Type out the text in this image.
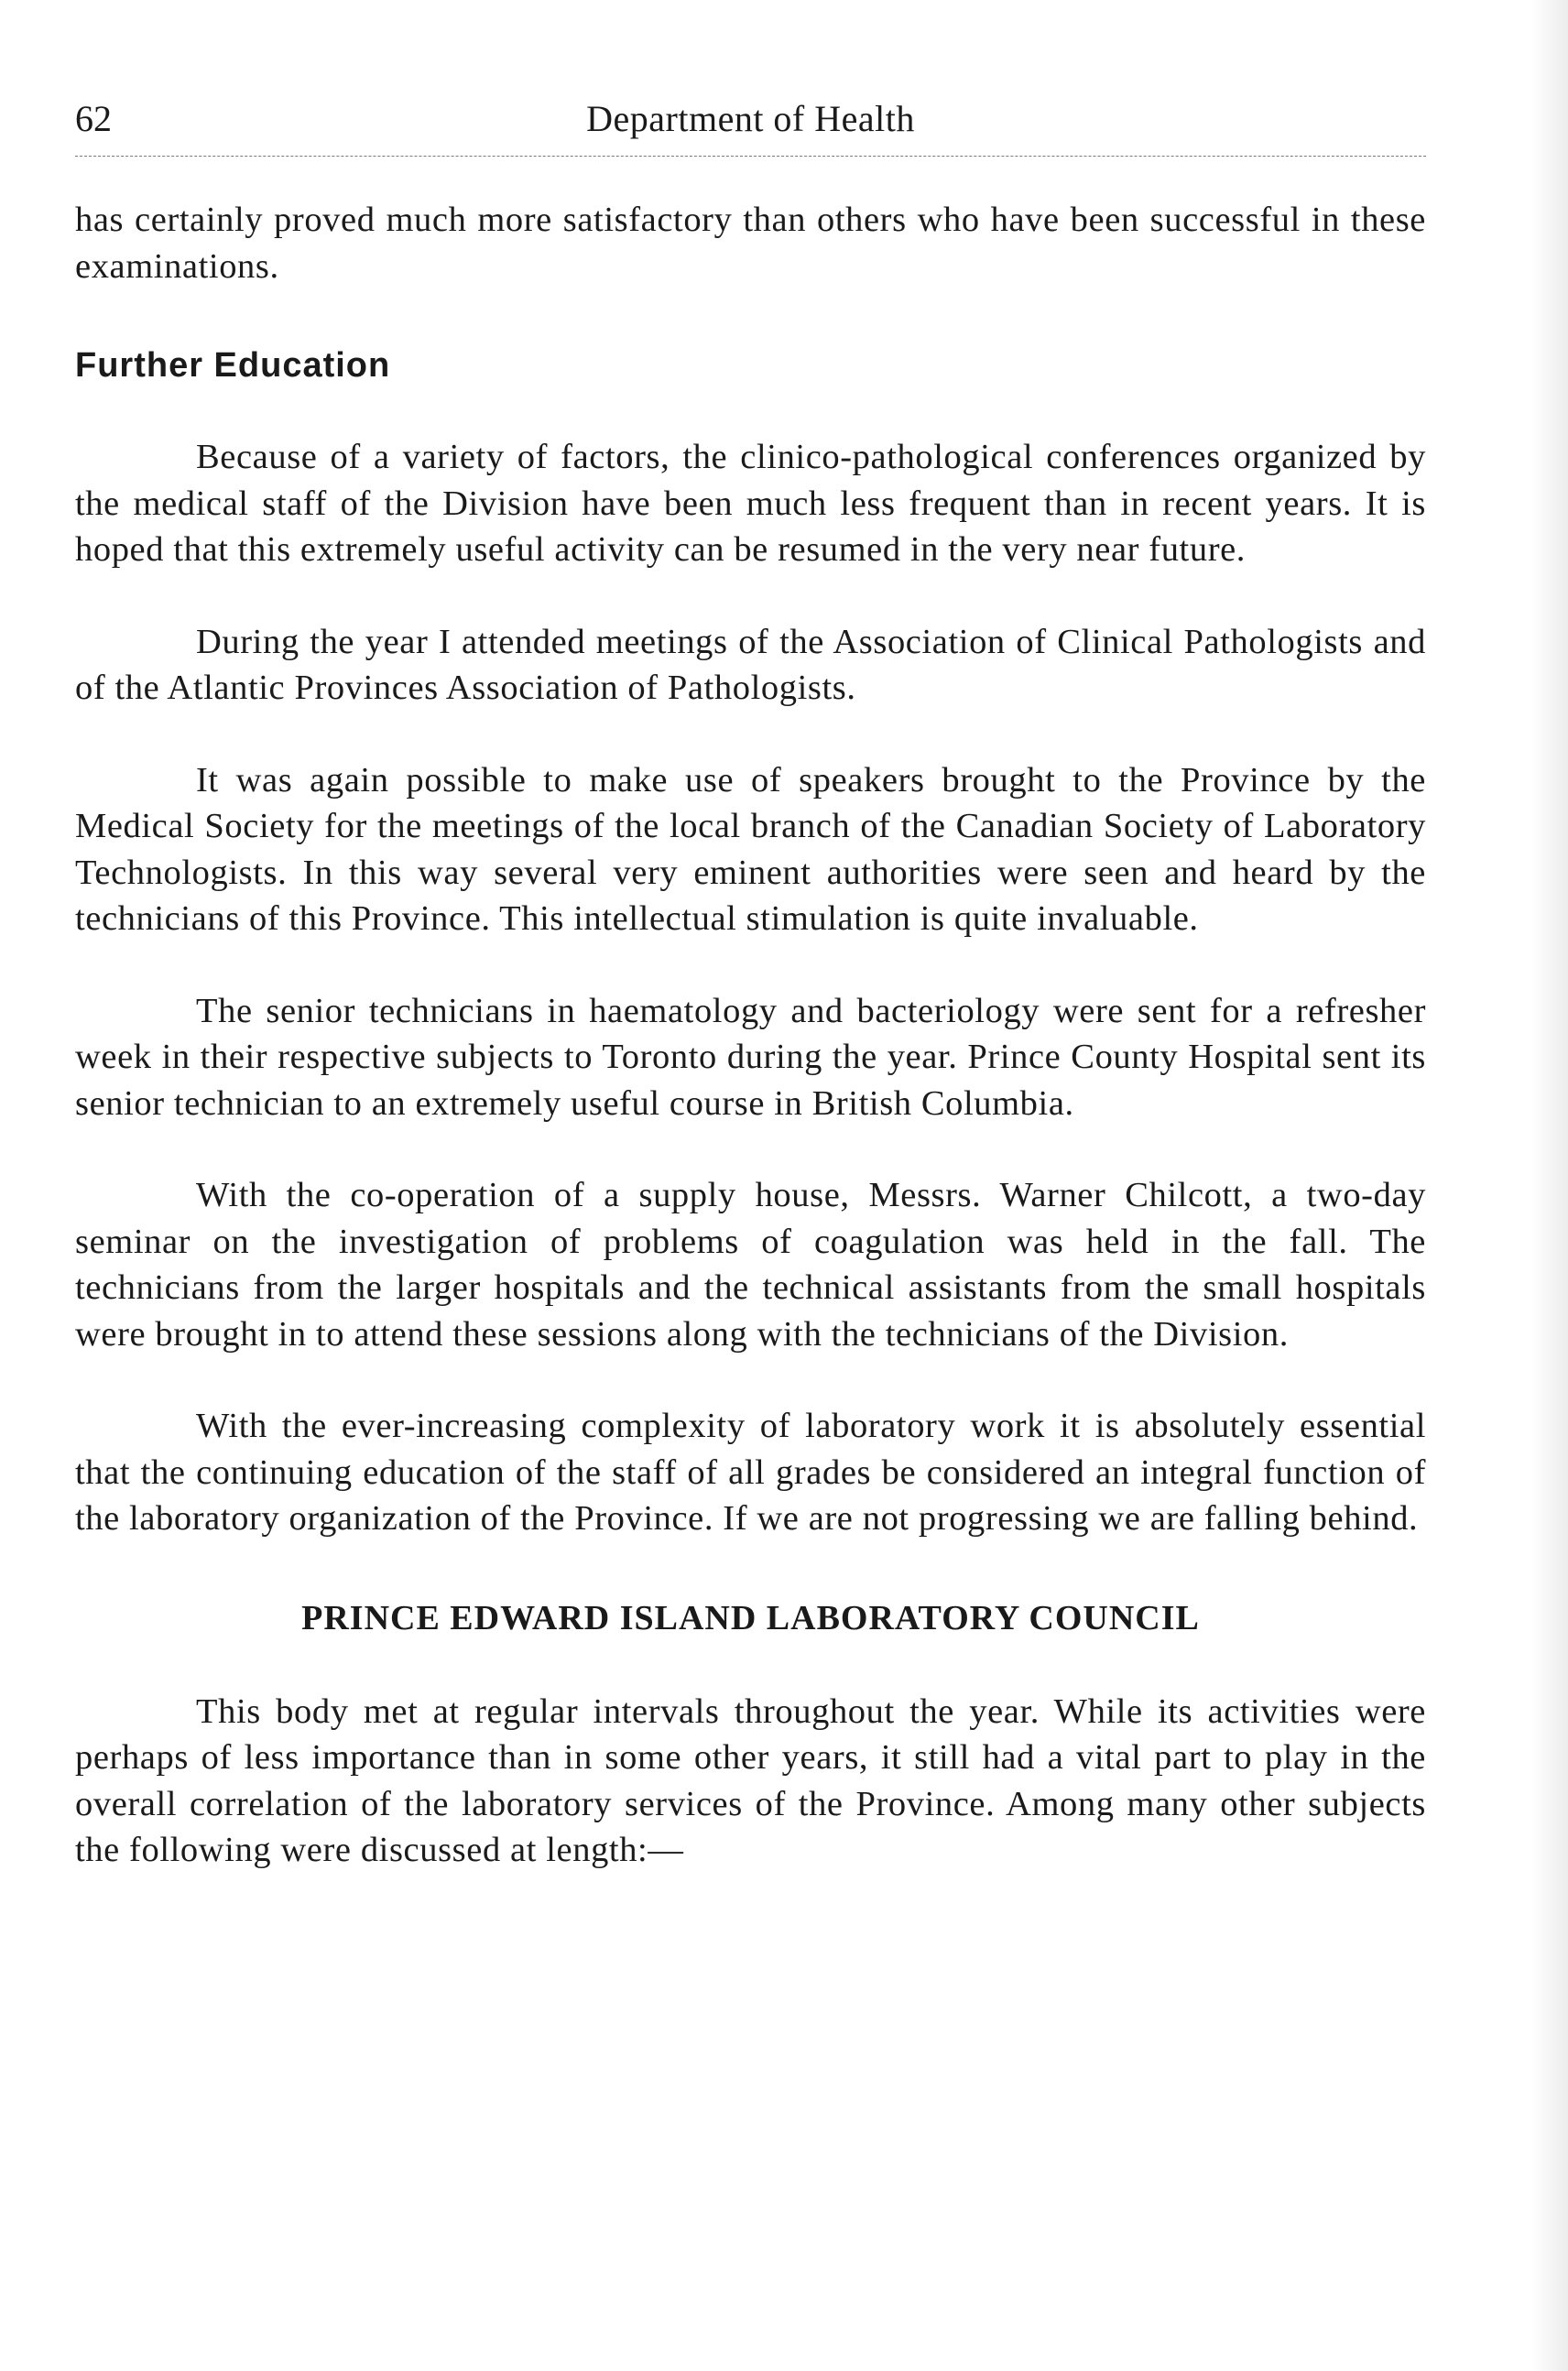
62	Department of Health

has certainly proved much more satisfactory than others who have been successful in these examinations.

Further Education

Because of a variety of factors, the clinico-pathological conferences organized by the medical staff of the Division have been much less frequent than in recent years. It is hoped that this extremely useful activity can be resumed in the very near future.

During the year I attended meetings of the Association of Clinical Pathologists and of the Atlantic Provinces Association of Pathologists.

It was again possible to make use of speakers brought to the Province by the Medical Society for the meetings of the local branch of the Canadian Society of Laboratory Technologists. In this way several very eminent authorities were seen and heard by the technicians of this Province. This intellectual stimulation is quite invaluable.

The senior technicians in haematology and bacteriology were sent for a refresher week in their respective subjects to Toronto during the year. Prince County Hospital sent its senior technician to an extremely useful course in British Columbia.

With the co-operation of a supply house, Messrs. Warner Chilcott, a two-day seminar on the investigation of problems of coagulation was held in the fall. The technicians from the larger hospitals and the technical assistants from the small hospitals were brought in to attend these sessions along with the technicians of the Division.

With the ever-increasing complexity of laboratory work it is absolutely essential that the continuing education of the staff of all grades be considered an integral function of the laboratory organization of the Province. If we are not progressing we are falling behind.

PRINCE EDWARD ISLAND LABORATORY COUNCIL

This body met at regular intervals throughout the year. While its activities were perhaps of less importance than in some other years, it still had a vital part to play in the overall correlation of the laboratory services of the Province. Among many other subjects the following were discussed at length:—
